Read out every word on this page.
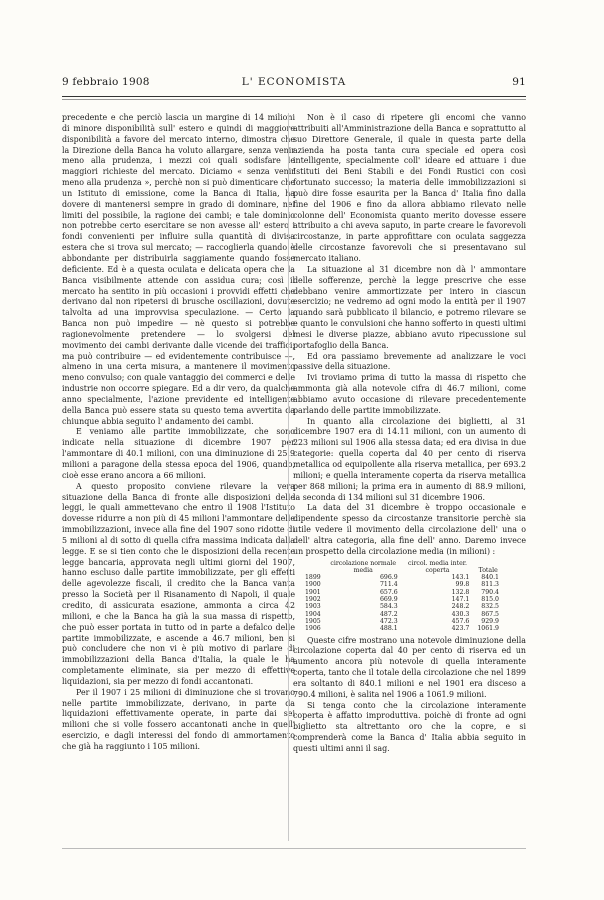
9 febbraio 1908	L' ECONOMISTA	91

precedente e che perciò lascia un margine di 14 milioni di minore disponibilità sull' estero e quindi di maggiore disponibilità a favore del mercato interno, dimostra che la Direzione della Banca ha voluto allargare, senza venir meno alla prudenza, i mezzi coi quali sodisfare le maggiori richieste del mercato. Diciamo « senza venir meno alla prudenza », perchè non si può dimenticare che un Istituto di emissione, come la Banca di Italia, ha dovere di mantenersi sempre in grado di dominare, nei limiti del possibile, la ragione dei cambi; e tale dominio non potrebbe certo esercitare se non avesse all' estero i fondi convenienti per influire sulla quantità di divisa estera che si trova sul mercato; — raccoglierla quando è abbondante per distribuirla saggiamente quando fosse deficiente. Ed è a questa oculata e delicata opera che la Banca visibilmente attende con assidua cura; così il mercato ha sentito in più occasioni i provvidi effetti che derivano dal non ripetersi di brusche oscillazioni, dovute talvolta ad una improvvisa speculazione. — Certo la Banca non può impedire — nè questo si potrebbe ragionevolmente pretendere — lo svolgersi del movimento dei cambi derivante dalle vicende dei traffici; ma può contribuire — ed evidentemente contribuisce —, almeno in una certa misura, a mantenere il movimento meno convulso; con quale vantaggio dei commerci e delle industrie non occorre spiegare. Ed a dir vero, da qualche anno specialmente, l'azione previdente ed intelligente della Banca può essere stata su questo tema avvertita da chiunque abbia seguito l' andamento dei cambi.

E veniamo alle partite immobilizzate, che sono indicate nella situazione di dicembre 1907 per l'ammontare di 40.1 milioni, con una diminuzione di 25.9 milioni a paragone della stessa epoca del 1906, quando, cioè esse erano ancora a 66 milioni.

A questo proposito conviene rilevare la vera situazione della Banca di fronte alle disposizioni delle leggi, le quali ammettevano che entro il 1908 l'Istituto dovesse ridurre a non più di 45 milioni l'ammontare delle immobilizzazioni, invece alla fine del 1907 sono ridotte di 5 milioni al di sotto di quella cifra massima indicata dalla legge. E se si tien conto che le disposizioni della recente legge bancaria, approvata negli ultimi giorni del 1907, hanno escluso dalle partite immobilizzate, per gli effetti delle agevolezze fiscali, il credito che la Banca vanta presso la Società per il Risanamento di Napoli, il quale credito, di assicurata esazione, ammonta a circa 42 milioni, e che la Banca ha già la sua massa di rispetto, che può esser portata in tutto od in parte a defalco delle partite immobilizzate, e ascende a 46.7 milioni, ben si può concludere che non vi è più motivo di parlare di immobilizzazioni della Banca d'Italia, la quale le ha completamente eliminate, sia per mezzo di effettive liquidazioni, sia per mezzo di fondi accantonati.

Per il 1907 i 25 milioni di diminuzione che si trovano nelle partite immobilizzate, derivano, in parte da liquidazioni effettivamente operate, in parte dai sei milioni che si volle fossero accantonati anche in quell' esercizio, e dagli interessi del fondo di ammortamento che già ha raggiunto i 105 milioni.

Non è il caso di ripetere gli encomi che vanno attribuiti all'Amministrazione della Banca e soprattutto al suo Direttore Generale, il quale in questa parte della azienda ha posta tanta cura speciale ed opera così intelligente, specialmente coll' ideare ed attuare i due Istituti dei Beni Stabili e dei Fondi Rustici con così fortunato successo; la materia delle immobilizzazioni si può dire fosse esaurita per la Banca d' Italia fino dalla fine del 1906 e fino da allora abbiamo rilevato nelle colonne dell' Economista quanto merito dovesse essere attribuito a chi aveva saputo, in parte creare le favorevoli circostanze, in parte approfittare con oculata saggezza delle circostanze favorevoli che si presentavano sul mercato italiano.

La situazione al 31 dicembre non dà l' ammontare delle sofferenze, perchè la legge prescrive che esse debbano venire ammortizzate per intero in ciascun esercizio; ne vedremo ad ogni modo la entità per il 1907 quando sarà pubblicato il bilancio, e potremo rilevare se e quanto le convulsioni che hanno sofferto in questi ultimi mesi le diverse piazze, abbiano avuto ripecussione sul portafoglio della Banca.

Ed ora passiamo brevemente ad analizzare le voci passive della situazione.

Ivi troviamo prima di tutto la massa di rispetto che ammonta già alla notevole cifra di 46.7 milioni, come abbiamo avuto occasione di rilevare precedentemente parlando delle partite immobilizzate.

In quanto alla circolazione dei biglietti, al 31 dicembre 1907 era di 14.11 milioni, con un aumento di 223 milioni sul 1906 alla stessa data; ed era divisa in due categorie: quella coperta dal 40 per cento di riserva metallica od equipollente alla riserva metallica, per 693.2 milioni; e quella interamente coperta da riserva metallica per 868 milioni; la prima era in aumento di 88.9 milioni, la seconda di 134 milioni sul 31 dicembre 1906.

La data del 31 dicembre è troppo occasionale e dipendente spesso da circostanze transitorie perchè sia utile vedere il movimento della circolazione dell' una o dell' altra categoria, alla fine dell' anno. Daremo invece un prospetto della circolazione media (in milioni) :

	circolazione normale media	circol. media inter. coperta	Totale
1899	696.9	143.1	840.1
1900	711.4	99.8	811.3
1901	657.6	132.8	790.4
1902	669.9	147.1	815.0
1903	584.3	248.2	832.5
1904	487.2	430.3	867.5
1905	472.3	457.6	929.9
1906	488.1	423.7	1061.9

Queste cifre mostrano una notevole diminuzione della circolazione coperta dal 40 per cento di riserva ed un aumento ancora più notevole di quella interamente coperta, tanto che il totale della circolazione che nel 1899 era soltanto di 840.1 milioni e nel 1901 era disceso a 790.4 milioni, è salita nel 1906 a 1061.9 milioni.

Si tenga conto che la circolazione interamente coperta è affatto improduttiva. poichè di fronte ad ogni biglietto sta altrettanto oro che la copre, e si comprenderà come la Banca d' Italia abbia seguito in questi ultimi anni il sag.
